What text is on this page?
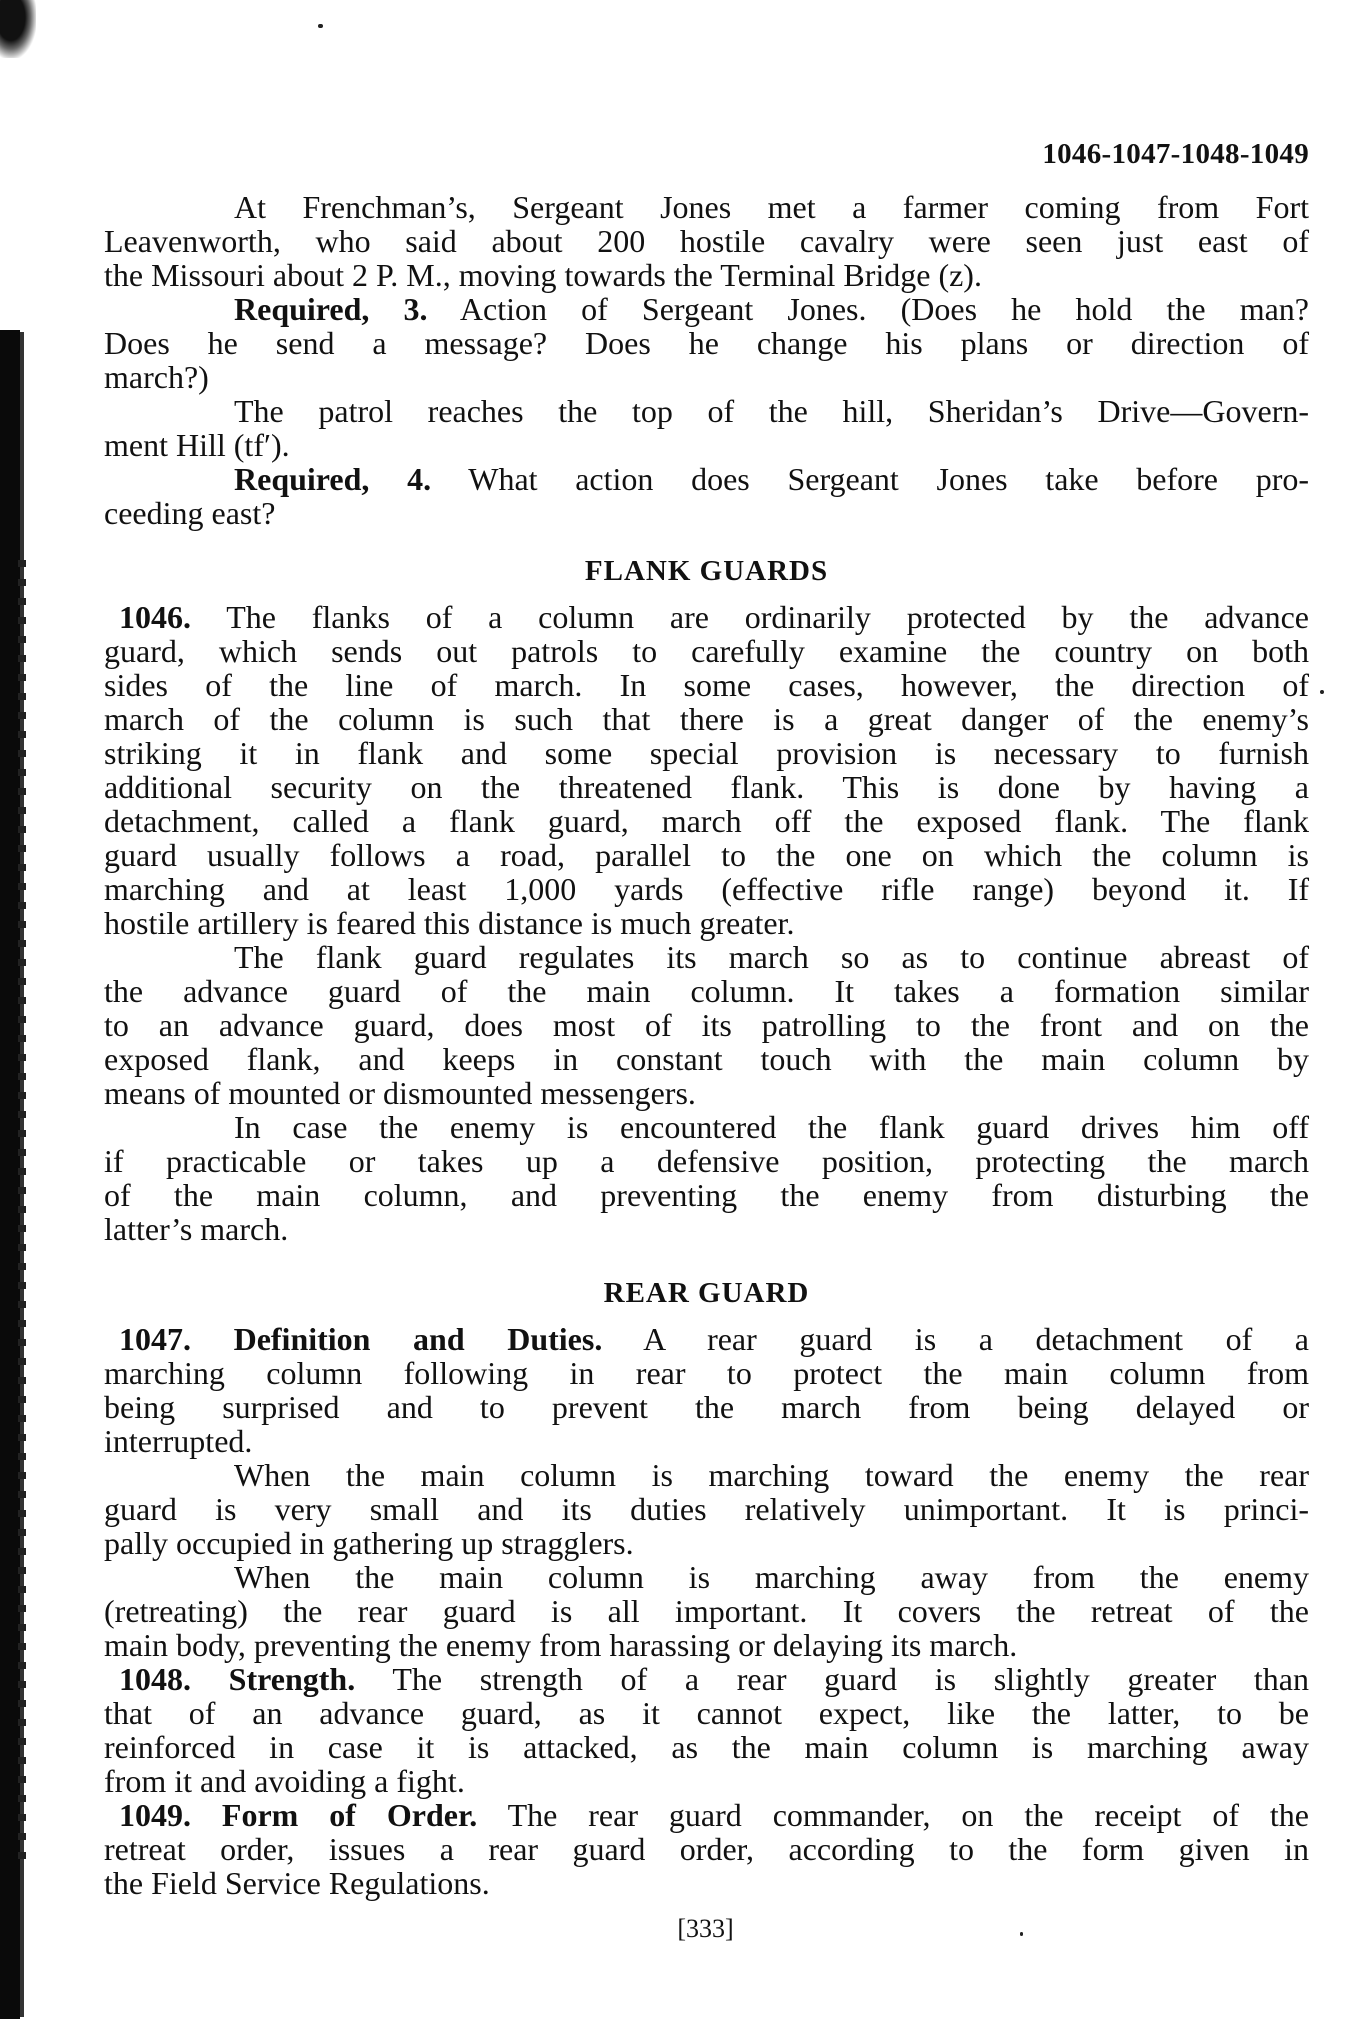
1046-1047-1048-1049
At Frenchman’s, Sergeant Jones met a farmer coming from Fort
Leavenworth, who said about 200 hostile cavalry were seen just east of
the Missouri about 2 P. M., moving towards the Terminal Bridge (z).
Required, 3. Action of Sergeant Jones. (Does he hold the man?
Does he send a message? Does he change his plans or direction of
march?)
The patrol reaches the top of the hill, Sheridan’s Drive—Govern-
ment Hill (tf′).
Required, 4. What action does Sergeant Jones take before pro-
ceeding east?
FLANK GUARDS
1046. The flanks of a column are ordinarily protected by the advance
guard, which sends out patrols to carefully examine the country on both
sides of the line of march. In some cases, however, the direction of
march of the column is such that there is a great danger of the enemy’s
striking it in flank and some special provision is necessary to furnish
additional security on the threatened flank. This is done by having a
detachment, called a flank guard, march off the exposed flank. The flank
guard usually follows a road, parallel to the one on which the column is
marching and at least 1,000 yards (effective rifle range) beyond it. If
hostile artillery is feared this distance is much greater.
The flank guard regulates its march so as to continue abreast of
the advance guard of the main column. It takes a formation similar
to an advance guard, does most of its patrolling to the front and on the
exposed flank, and keeps in constant touch with the main column by
means of mounted or dismounted messengers.
In case the enemy is encountered the flank guard drives him off
if practicable or takes up a defensive position, protecting the march
of the main column, and preventing the enemy from disturbing the
latter’s march.
REAR GUARD
1047. Definition and Duties. A rear guard is a detachment of a
marching column following in rear to protect the main column from
being surprised and to prevent the march from being delayed or
interrupted.
When the main column is marching toward the enemy the rear
guard is very small and its duties relatively unimportant. It is princi-
pally occupied in gathering up stragglers.
When the main column is marching away from the enemy
(retreating) the rear guard is all important. It covers the retreat of the
main body, preventing the enemy from harassing or delaying its march.
1048. Strength. The strength of a rear guard is slightly greater than
that of an advance guard, as it cannot expect, like the latter, to be
reinforced in case it is attacked, as the main column is marching away
from it and avoiding a fight.
1049. Form of Order. The rear guard commander, on the receipt of the
retreat order, issues a rear guard order, according to the form given in
the Field Service Regulations.
[333]
